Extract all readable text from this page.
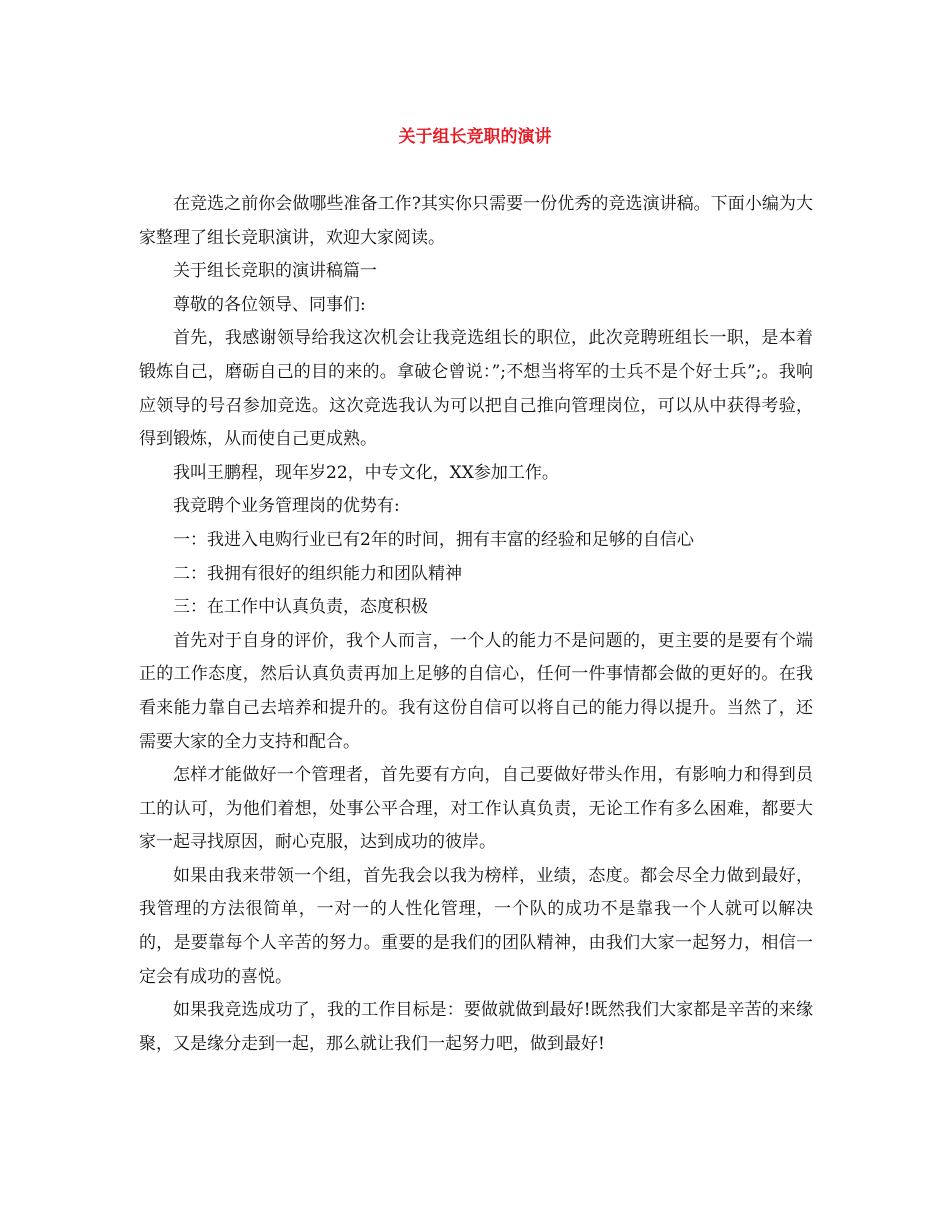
关于组长竞职的演讲

在竞选之前你会做哪些准备工作?其实你只需要一份优秀的竞选演讲稿。下面小编为大家整理了组长竞职演讲，欢迎大家阅读。

关于组长竞职的演讲稿篇一

尊敬的各位领导、同事们:

首先，我感谢领导给我这次机会让我竞选组长的职位，此次竞聘班组长一职，是本着锻炼自己，磨砺自己的目的来的。拿破仑曾说：”;不想当将军的士兵不是个好士兵”;。我响应领导的号召参加竞选。这次竞选我认为可以把自己推向管理岗位，可以从中获得考验，得到锻炼，从而使自己更成熟。

我叫王鹏程，现年岁22，中专文化，XX参加工作。

我竞聘个业务管理岗的优势有:

一：我进入电购行业已有2年的时间，拥有丰富的经验和足够的自信心

二：我拥有很好的组织能力和团队精神

三：在工作中认真负责，态度积极

首先对于自身的评价，我个人而言，一个人的能力不是问题的，更主要的是要有个端正的工作态度，然后认真负责再加上足够的自信心，任何一件事情都会做的更好的。在我看来能力靠自己去培养和提升的。我有这份自信可以将自己的能力得以提升。当然了，还需要大家的全力支持和配合。

怎样才能做好一个管理者，首先要有方向，自己要做好带头作用，有影响力和得到员工的认可，为他们着想，处事公平合理，对工作认真负责，无论工作有多么困难，都要大家一起寻找原因，耐心克服，达到成功的彼岸。

如果由我来带领一个组，首先我会以我为榜样，业绩，态度。都会尽全力做到最好，我管理的方法很简单，一对一的人性化管理，一个队的成功不是靠我一个人就可以解决的，是要靠每个人辛苦的努力。重要的是我们的团队精神，由我们大家一起努力，相信一定会有成功的喜悦。

如果我竞选成功了，我的工作目标是：要做就做到最好!既然我们大家都是辛苦的来缘聚，又是缘分走到一起，那么就让我们一起努力吧，做到最好!
